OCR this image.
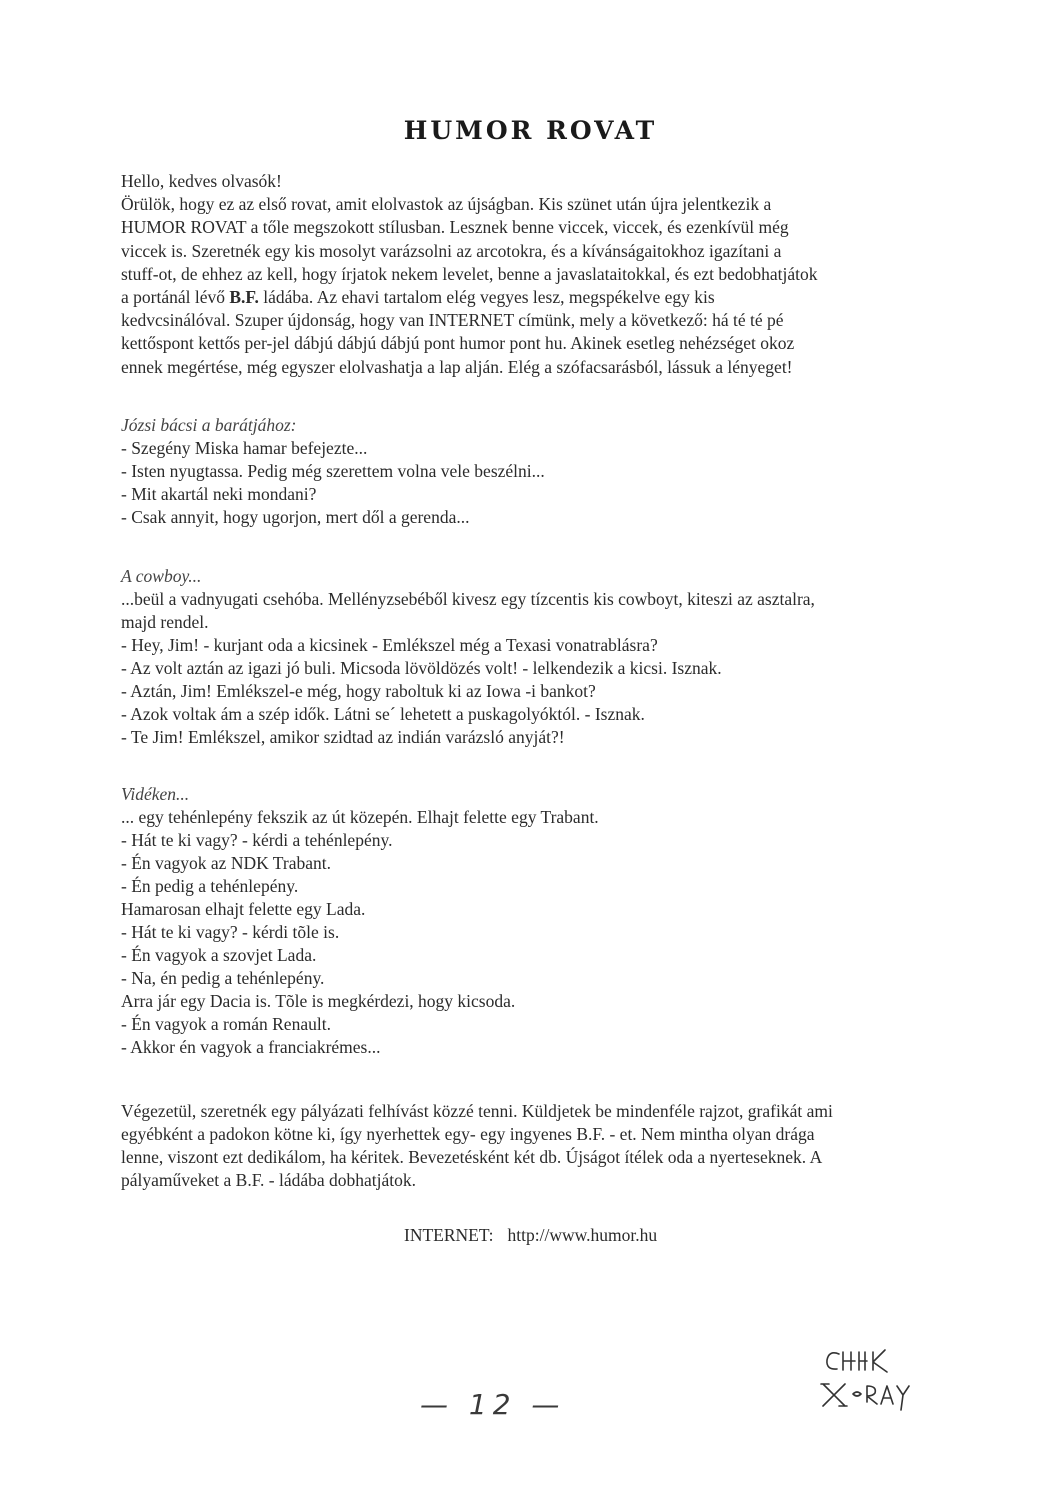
HUMOR ROVAT
Hello, kedves olvasók!
Örülök, hogy ez az első rovat, amit elolvastok az újságban. Kis szünet után újra jelentkezik a
HUMOR ROVAT a tőle megszokott stílusban. Lesznek benne viccek, viccek, és ezenkívül még
viccek is. Szeretnék egy kis mosolyt varázsolni az arcotokra, és a kívánságaitokhoz igazítani a
stuff-ot, de ehhez az kell, hogy írjatok nekem levelet, benne a javaslataitokkal, és ezt bedobhatjátok
a portánál lévő B.F. ládába. Az ehavi tartalom elég vegyes lesz, megspékelve egy kis
kedvcsinálóval. Szuper újdonság, hogy van INTERNET címünk, mely a következő: há té té pé
kettőspont kettős per-jel dábjú dábjú dábjú pont humor pont hu. Akinek esetleg nehézséget okoz
ennek megértése, még egyszer elolvashatja a lap alján. Elég a szófacsarásból, lássuk a lényeget!
Józsi bácsi a barátjához:
- Szegény Miska hamar befejezte...
- Isten nyugtassa. Pedig még szerettem volna vele beszélni...
- Mit akartál neki mondani?
- Csak annyit, hogy ugorjon, mert dől a gerenda...
A cowboy...
...beül a vadnyugati csehóba. Mellényzsebéből kivesz egy tízcentis kis cowboyt, kiteszi az asztalra,
majd rendel.
- Hey, Jim! - kurjant oda a kicsinek - Emlékszel még a Texasi vonatrablásra?
- Az volt aztán az igazi jó buli. Micsoda lövöldözés volt! - lelkendezik a kicsi. Isznak.
- Aztán, Jim! Emlékszel-e még, hogy raboltuk ki az Iowa -i bankot?
- Azok voltak ám a szép idők. Látni se´ lehetett a puskagolyóktól. - Isznak.
- Te Jim! Emlékszel, amikor szidtad az indián varázsló anyját?!
Vidéken...
... egy tehénlepény fekszik az út közepén. Elhajt felette egy Trabant.
- Hát te ki vagy? - kérdi a tehénlepény.
- Én vagyok az NDK Trabant.
- Én pedig a tehénlepény.
Hamarosan elhajt felette egy Lada.
- Hát te ki vagy? - kérdi tõle is.
- Én vagyok a szovjet Lada.
- Na, én pedig a tehénlepény.
Arra jár egy Dacia is. Tõle is megkérdezi, hogy kicsoda.
- Én vagyok a román Renault.
- Akkor én vagyok a franciakrémes...
Végezetül, szeretnék egy pályázati felhívást közzé tenni. Küldjetek be mindenféle rajzot, grafikát ami
egyébként a padokon kötne ki, így nyerhettek egy- egy ingyenes B.F. - et. Nem mintha olyan drága
lenne, viszont ezt dedikálom, ha kéritek. Bevezetésként két db. Újságot ítélek oda a nyerteseknek. A
pályaműveket a B.F. - ládába dobhatjátok.
INTERNET: http://www.humor.hu
— 12 —
